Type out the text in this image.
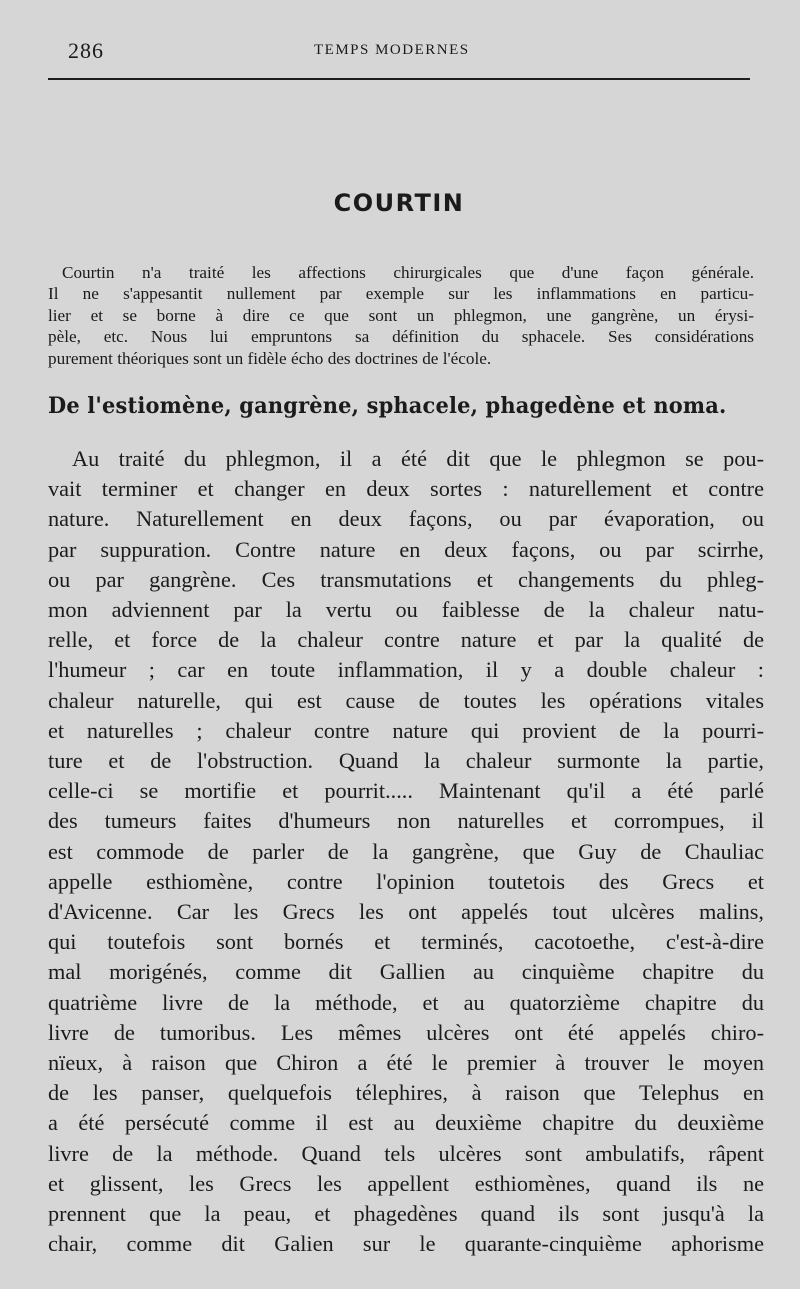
286	TEMPS MODERNES
COURTIN

Courtin n'a traité les affections chirurgicales que d'une façon générale.
Il ne s'appesantit nullement par exemple sur les inflammations en particu-
lier et se borne à dire ce que sont un phlegmon, une gangrène, un érysi-
pèle, etc. Nous lui empruntons sa définition du sphacele. Ses considérations
purement théoriques sont un fidèle écho des doctrines de l'école.

De l'estiomène, gangrène, sphacele, phagedène et noma.

Au traité du phlegmon, il a été dit que le phlegmon se pou-
vait terminer et changer en deux sortes : naturellement et contre
nature. Naturellement en deux façons, ou par évaporation, ou
par suppuration. Contre nature en deux façons, ou par scirrhe,
ou par gangrène. Ces transmutations et changements du phleg-
mon adviennent par la vertu ou faiblesse de la chaleur natu-
relle, et force de la chaleur contre nature et par la qualité de
l'humeur ; car en toute inflammation, il y a double chaleur :
chaleur naturelle, qui est cause de toutes les opérations vitales
et naturelles ; chaleur contre nature qui provient de la pourri-
ture et de l'obstruction. Quand la chaleur surmonte la partie,
celle-ci se mortifie et pourrit..... Maintenant qu'il a été parlé
des tumeurs faites d'humeurs non naturelles et corrompues, il
est commode de parler de la gangrène, que Guy de Chauliac
appelle esthiomène, contre l'opinion toutetois des Grecs et
d'Avicenne. Car les Grecs les ont appelés tout ulcères malins,
qui toutefois sont bornés et terminés, cacotoethe, c'est-à-dire
mal morigénés, comme dit Gallien au cinquième chapitre du
quatrième livre de la méthode, et au quatorzième chapitre du
livre de tumoribus. Les mêmes ulcères ont été appelés chiro-
nïeux, à raison que Chiron a été le premier à trouver le moyen
de les panser, quelquefois télephires, à raison que Telephus en
a été persécuté comme il est au deuxième chapitre du deuxième
livre de la méthode. Quand tels ulcères sont ambulatifs, râpent
et glissent, les Grecs les appellent esthiomènes, quand ils ne
prennent que la peau, et phagedènes quand ils sont jusqu'à la
chair, comme dit Galien sur le quarante-cinquième aphorisme
